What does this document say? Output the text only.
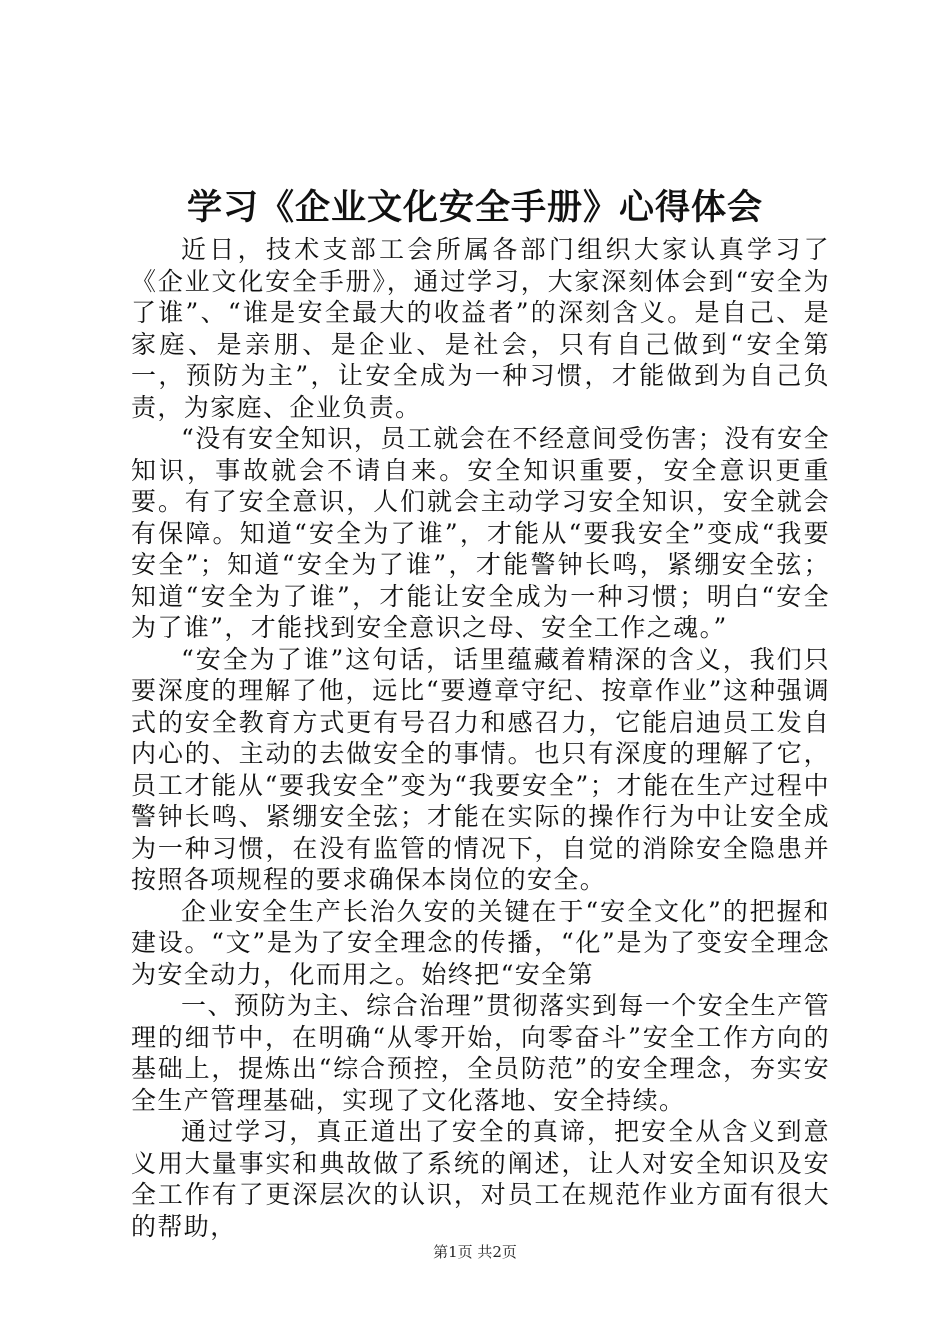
学习《企业文化安全手册》心得体会

近日，技术支部工会所属各部门组织大家认真学习了《企业文化安全手册》，通过学习，大家深刻体会到“安全为了谁”、“谁是安全最大的收益者”的深刻含义。是自己、是家庭、是亲朋、是企业、是社会，只有自己做到“安全第一，预防为主”，让安全成为一种习惯，才能做到为自己负责，为家庭、企业负责。

“没有安全知识，员工就会在不经意间受伤害；没有安全知识，事故就会不请自来。安全知识重要，安全意识更重要。有了安全意识，人们就会主动学习安全知识，安全就会有保障。知道“安全为了谁”，才能从“要我安全”变成“我要安全”；知道“安全为了谁”，才能警钟长鸣，紧绷安全弦；知道“安全为了谁”，才能让安全成为一种习惯；明白“安全为了谁”，才能找到安全意识之母、安全工作之魂。”

“安全为了谁”这句话，话里蕴藏着精深的含义，我们只要深度的理解了他，远比“要遵章守纪、按章作业”这种强调式的安全教育方式更有号召力和感召力，它能启迪员工发自内心的、主动的去做安全的事情。也只有深度的理解了它，员工才能从“要我安全”变为“我要安全”；才能在生产过程中警钟长鸣、紧绷安全弦；才能在实际的操作行为中让安全成为一种习惯，在没有监管的情况下，自觉的消除安全隐患并按照各项规程的要求确保本岗位的安全。

企业安全生产长治久安的关键在于“安全文化”的把握和建设。“文”是为了安全理念的传播，“化”是为了变安全理念为安全动力，化而用之。始终把“安全第

一、预防为主、综合治理”贯彻落实到每一个安全生产管理的细节中，在明确“从零开始，向零奋斗”安全工作方向的基础上，提炼出“综合预控，全员防范”的安全理念，夯实安全生产管理基础，实现了文化落地、安全持续。

通过学习，真正道出了安全的真谛，把安全从含义到意义用大量事实和典故做了系统的阐述，让人对安全知识及安全工作有了更深层次的认识，对员工在规范作业方面有很大的帮助，

第1页 共2页
